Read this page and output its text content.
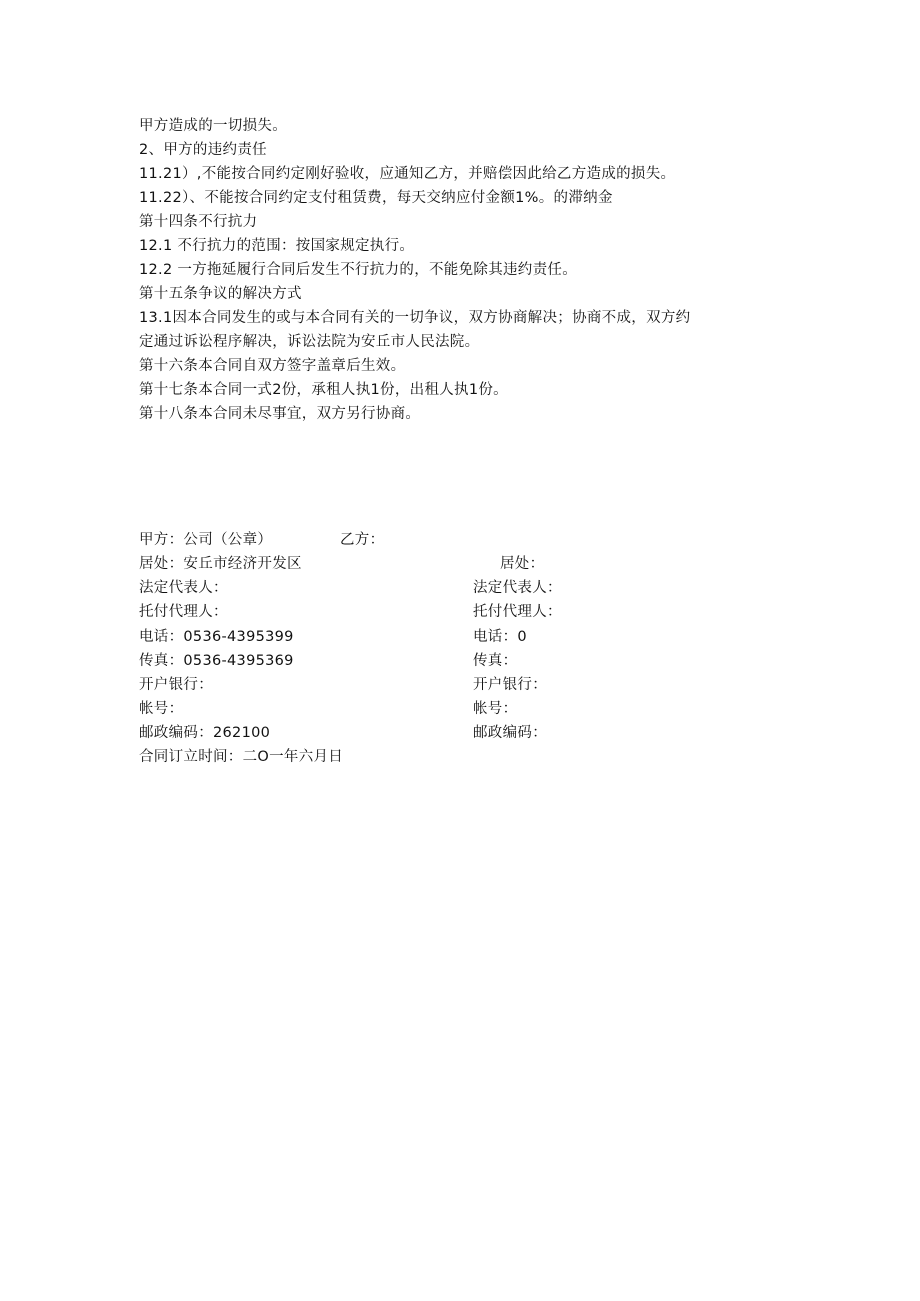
甲方造成的一切损失。
2、甲方的违约责任
11.21）,不能按合同约定刚好验收，应通知乙方，并赔偿因此给乙方造成的损失。
11.22）、不能按合同约定支付租赁费，每天交纳应付金额1%。的滞纳金
第十四条不行抗力
12.1 不行抗力的范围：按国家规定执行。
12.2 一方拖延履行合同后发生不行抗力的，不能免除其违约责任。
第十五条争议的解决方式
13.1因本合同发生的或与本合同有关的一切争议，双方协商解决；协商不成，双方约
定通过诉讼程序解决，诉讼法院为安丘市人民法院。
第十六条本合同自双方签字盖章后生效。
第十七条本合同一式2份，承租人执1份，出租人执1份。
第十八条本合同未尽事宜，双方另行协商。
甲方：公司（公章）	乙方：
居处：安丘市经济开发区	居处：
法定代表人：	法定代表人：
托付代理人：	托付代理人：
电话：0536-4395399	电话：0
传真：0536-4395369	传真：
开户银行：	开户银行：
帐号：	帐号：
邮政编码：262100	邮政编码：
合同订立时间：二O一年六月日
